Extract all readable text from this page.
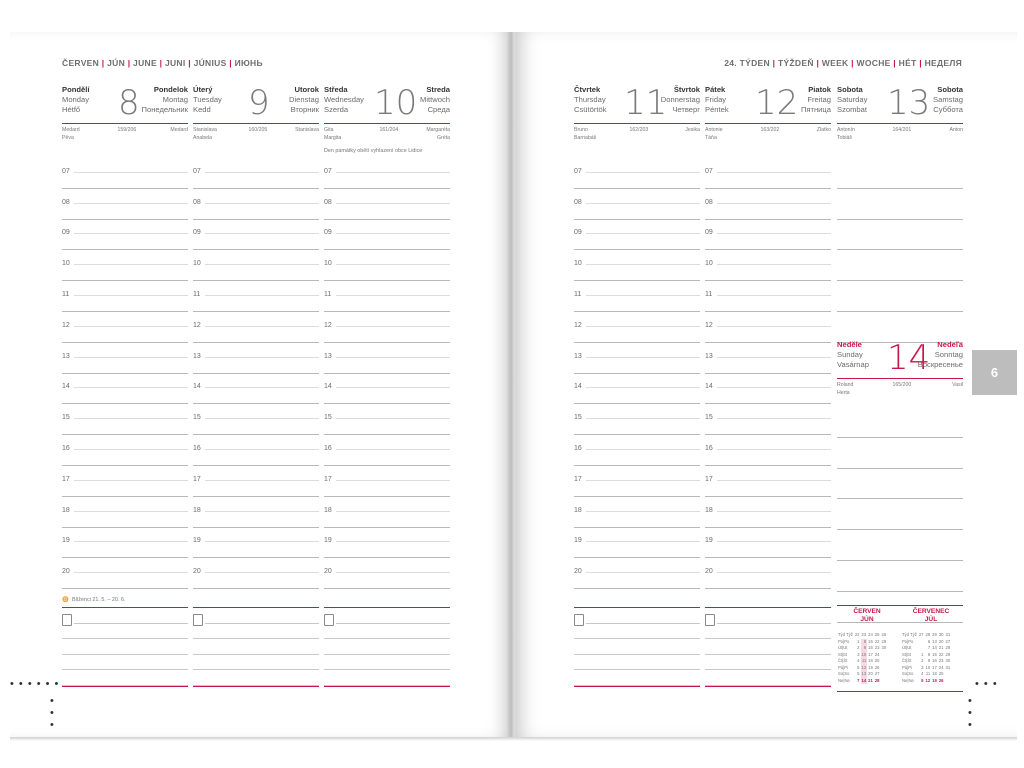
ČERVEN | JÚN | JUNE | JUNI | JÚNIUS | ИЮНЬ	24. TÝDEN | TÝŽDEŇ | WEEK | WOCHE | HÉT | НЕДЕЛЯ
Pondělí
Monday
Hétfő 8	Pondelok
Montag
Понедельник
Medard	159/206	Medard
Pěva
07
08
09
10
11
12
13
14
15
16
17
18
19
20
♊ Blíženci 21. 5. – 20. 6.
Úterý
Tuesday
Kedd	9	Utorok
Dienstag
Вторник
Stanislava	160/205	Stanislava
Anabela
07
08
09
10
11
12
13
14
15
16
17
18
19
20
Středa
Wednesday
Szerda 10	Streda
Mittwoch
Среда
Gita	161/204	Margaréta
Margita	Gréta
Den památky obětí vyhlazení obce Lidice
07
08
09
10
11
12
13
14
15
16
17
18
19
20
Čtvrtek
Thursday
Csütörtök 11 Štvrtok
Donnerstag
Четверг
Bruno	162/203	Jesika
Barnabáš
07
08
09
10
11
12
13
14
15
16
17
18
19
20
Pátek
Friday
Péntek 12	Piatok
Freitag
Пятница
Antonie	163/202	Zlatko
Táňa
07
08
09
10
11
12
13
14
15
16
17
18
19
20
Sobota
Saturday
Szombat 13 Sobota
Samstag
Суббота
Antonín	164/201	Anton
Tobiáš
Neděle
Sunday
Vasárnap 14 Nedeľa
Sonntag
Воскресенье
Roland	165/200	Vasil
Herta
6
• • • • • •
•
•
•
• • •
•
•
•
ČERVEN
JÚN
ČERVENEC
JÚL
Týd Týž	22	23	24	25	26
Po|Po	1	8	15	22	29
Út|Ut	2	9	16	23	30
St|St	3	10	17	24	
Čt|Št	4	11	18	25	
Pá|Pi	5	12	19	26	
So|So	6	13	20	27	
Ne|Ne	7	14	21	28	
Týd Týž	27	28	29	30	31
Po|Po		6	13	20	27
Út|Ut		7	14	21	28
St|St	1	8	15	22	29
Čt|Št	2	9	16	23	30
Pá|Pi	3	10	17	24	31
So|So	4	11	18	25	
Ne|Ne	5	12	19	26	
